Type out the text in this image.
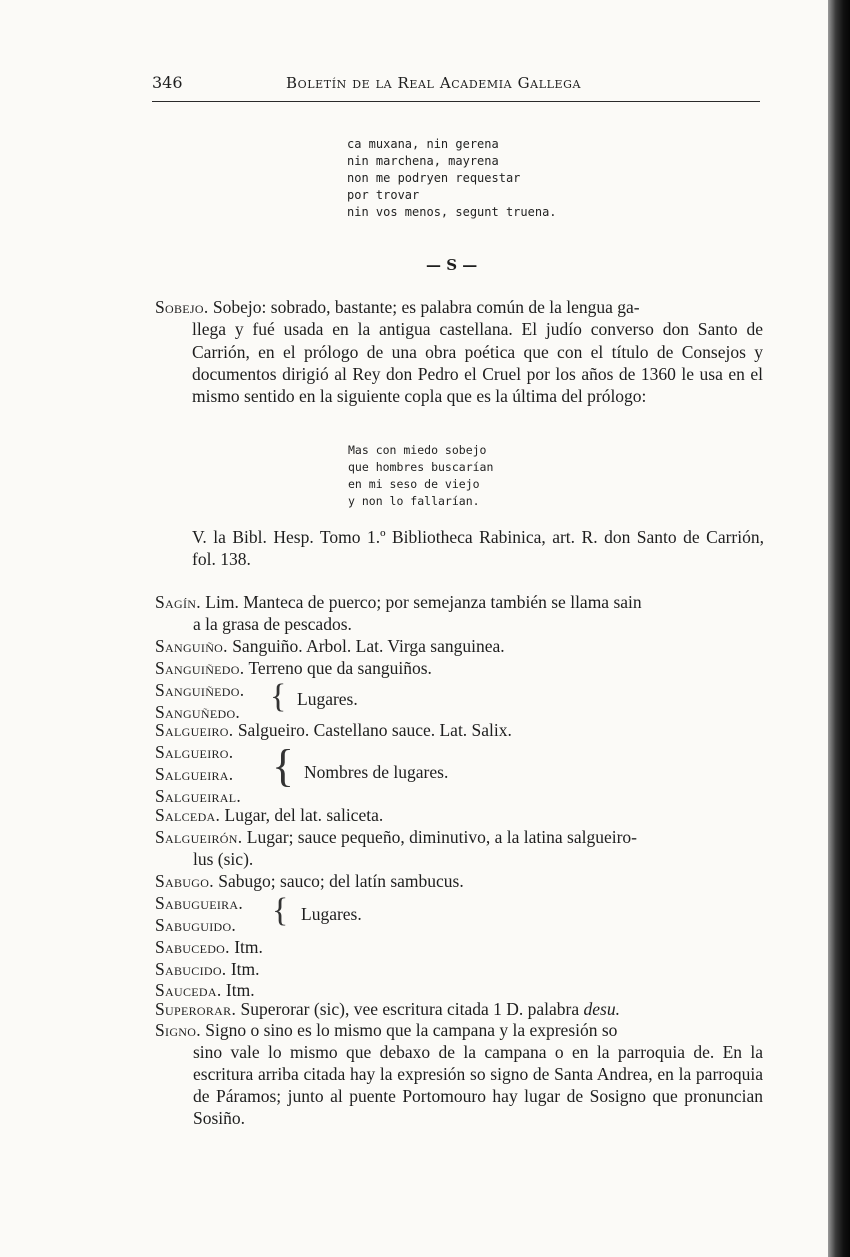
346	Boletín de la Real Academia Gallega
ca muxana, nin gerena
nin marchena, mayrena
non me podryen requestar
por trovar
nin vos menos, segunt truena.
— S —
Sobejo. Sobejo: sobrado, bastante; es palabra común de la lengua ga-
llega y fué usada en la antigua castellana. El judío converso don Santo de Carrión, en el prólogo de una obra poética que con el título de Consejos y documentos dirigió al Rey don Pedro el Cruel por los años de 1360 le usa en el mismo sentido en la siguiente copla que es la última del prólogo:
Mas con miedo sobejo
que hombres buscarían
en mi seso de viejo
y non lo fallarían.
V. la Bibl. Hesp. Tomo 1.º Bibliotheca Rabinica, art. R. don Santo de Carrión, fol. 138.
Sagín. Lim. Manteca de puerco; por semejanza también se llama sain
a la grasa de pescados.
Sanguiño. Sanguiño. Arbol. Lat. Virga sanguinea.
Sanguiñedo. Terreno que da sanguiños.
Sanguiñedo.
Sanguñedo. { Lugares.
Salgueiro. Salgueiro. Castellano sauce. Lat. Salix.
Salgueiro.
Salgueira.
Salgueiral.
{ Nombres de lugares.
Salceda. Lugar, del lat. saliceta.
Salgueirón. Lugar; sauce pequeño, diminutivo, a la latina salgueiro-
lus (sic).
Sabugo. Sabugo; sauco; del latín sambucus.
Sabugueira.
Sabuguido. { Lugares.
Sabucedo. Itm.
Sabucido. Itm.
Sauceda. Itm.
Superorar. Superorar (sic), vee escritura citada 1 D. palabra desu.
Signo. Signo o sino es lo mismo que la campana y la expresión so
sino vale lo mismo que debaxo de la campana o en la parroquia de. En la escritura arriba citada hay la expresión so signo de Santa Andrea, en la parroquia de Páramos; junto al puente Portomouro hay lugar de Sosigno que pronuncian Sosiño.
